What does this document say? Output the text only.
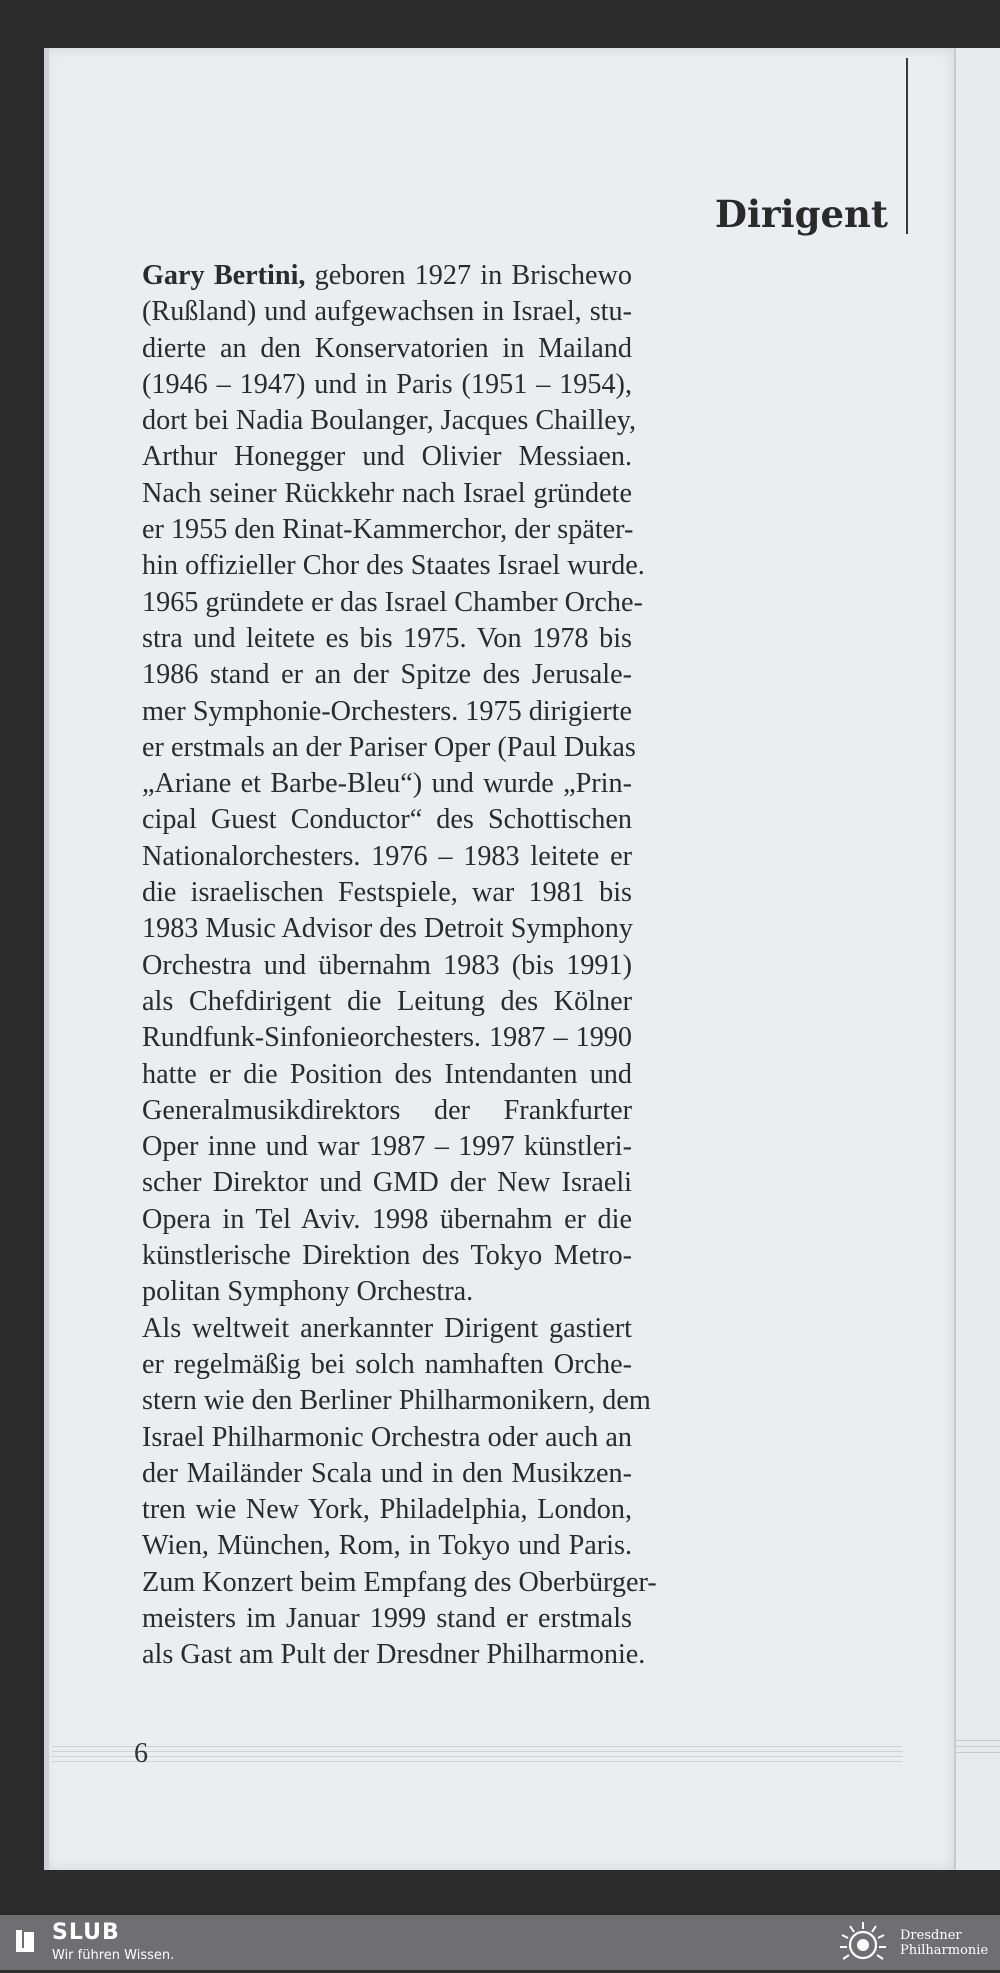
Dirigent
Gary Bertini, geboren 1927 in Brischewo
(Rußland) und aufgewachsen in Israel, stu-
dierte an den Konservatorien in Mailand
(1946 – 1947) und in Paris (1951 – 1954),
dort bei Nadia Boulanger, Jacques Chailley,
Arthur Honegger und Olivier Messiaen.
Nach seiner Rückkehr nach Israel gründete
er 1955 den Rinat-Kammerchor, der später-
hin offizieller Chor des Staates Israel wurde.
1965 gründete er das Israel Chamber Orche-
stra und leitete es bis 1975. Von 1978 bis
1986 stand er an der Spitze des Jerusale-
mer Symphonie-Orchesters. 1975 dirigierte
er erstmals an der Pariser Oper (Paul Dukas
„Ariane et Barbe-Bleu“) und wurde „Prin-
cipal Guest Conductor“ des Schottischen
Nationalorchesters. 1976 – 1983 leitete er
die israelischen Festspiele, war 1981 bis
1983 Music Advisor des Detroit Symphony
Orchestra und übernahm 1983 (bis 1991)
als Chefdirigent die Leitung des Kölner
Rundfunk-Sinfonieorchesters. 1987 – 1990
hatte er die Position des Intendanten und
Generalmusikdirektors der Frankfurter
Oper inne und war 1987 – 1997 künstleri-
scher Direktor und GMD der New Israeli
Opera in Tel Aviv. 1998 übernahm er die
künstlerische Direktion des Tokyo Metro-
politan Symphony Orchestra.
Als weltweit anerkannter Dirigent gastiert
er regelmäßig bei solch namhaften Orche-
stern wie den Berliner Philharmonikern, dem
Israel Philharmonic Orchestra oder auch an
der Mailänder Scala und in den Musikzen-
tren wie New York, Philadelphia, London,
Wien, München, Rom, in Tokyo und Paris.
Zum Konzert beim Empfang des Oberbürger-
meisters im Januar 1999 stand er erstmals
als Gast am Pult der Dresdner Philharmonie.
6
SLUB
Wir führen Wissen.
Dresdner
Philharmonie
